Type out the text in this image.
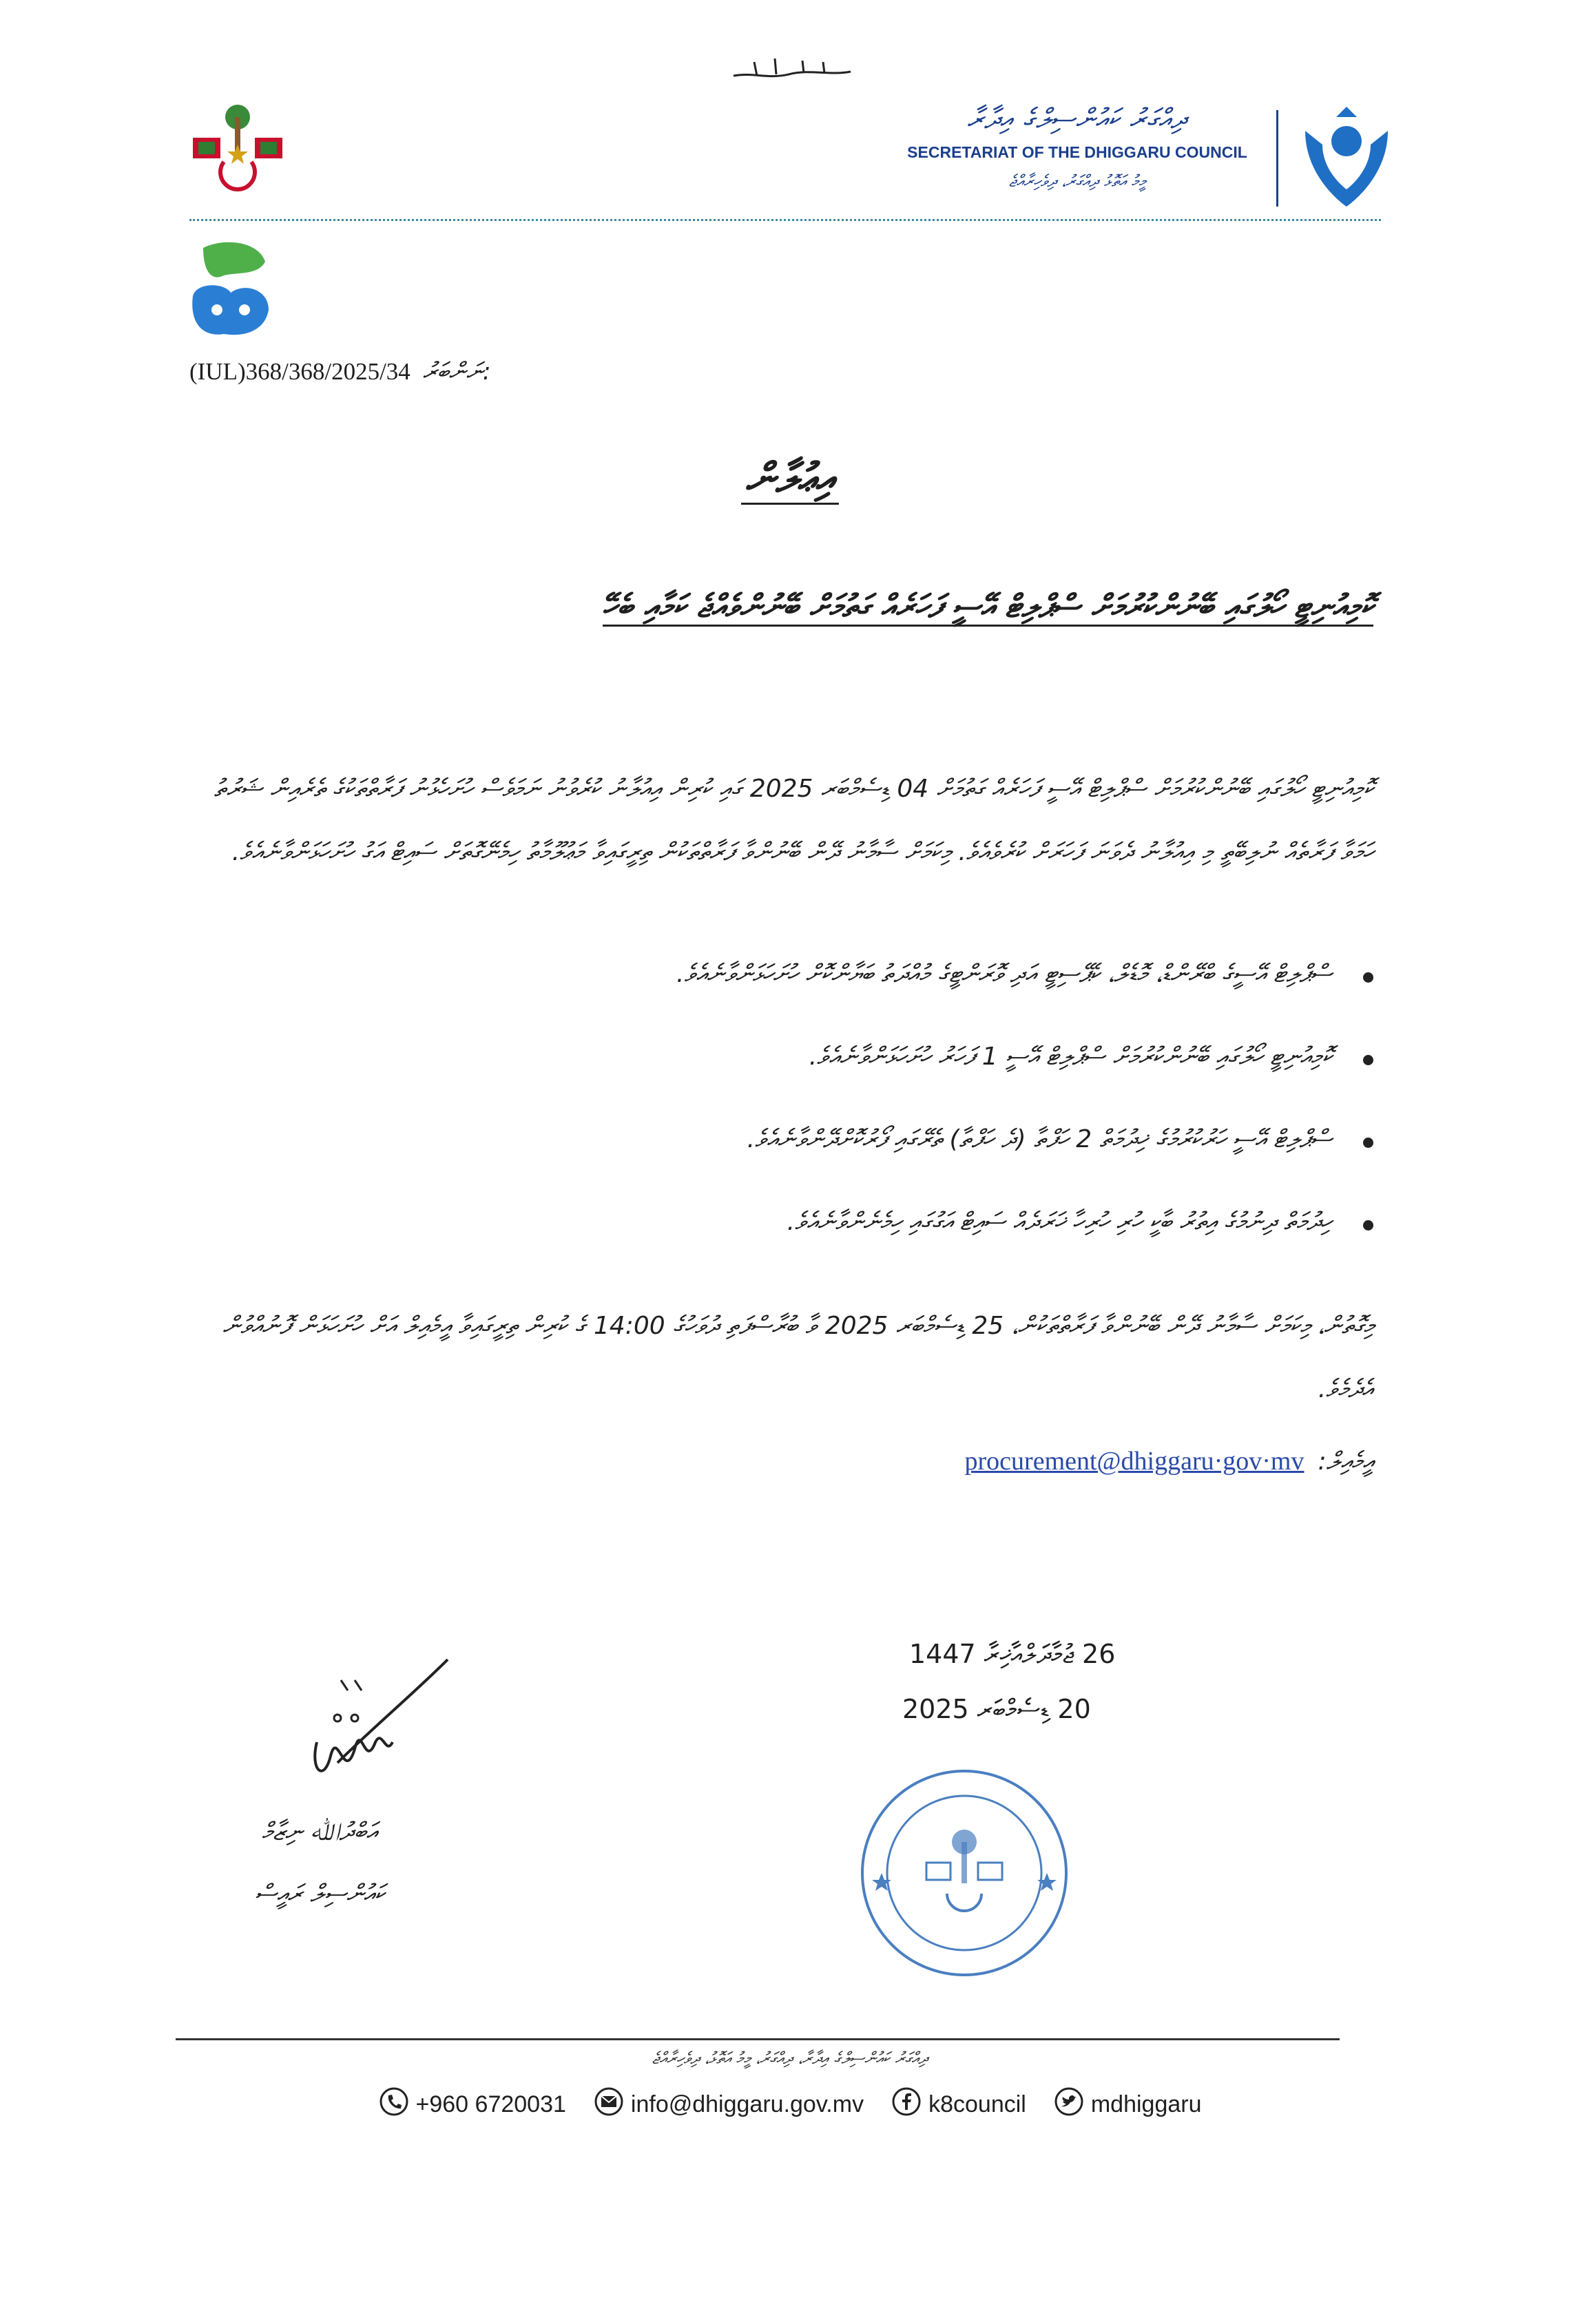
ދިއްގަރު ކައުންސިލްގެ އިދާރާ
SECRETARIAT OF THE DHIGGARU COUNCIL
މީމު އަތޮޅު ދިއްގަރު، ދިވެހިރާއްޖެ
(IUL)368/368/2025/34 ނަންބަރު:
އިޢުލާން
ކޮމިއުނިޓީ ހޯލުގައި ބޭނުންކުރުމަށް ސްޕްލިޓް އޭސީ ފަހަރެއް ގަތުމަށް ބޭނުންވެއްޖެ ކަމާއި ބެހޭ
ކޮމިއުނިޓީ ހޯލުގައި ބޭނުންކުރުމަށް ސްޕްލިޓް އޭސީ ފަހަރެއް ގަތުމަށް 04 ޑިސެމްބަރ 2025 ގައި ކުރިން އިއުލާނު ކުރެވުނު ނަމަވެސް ހުށަހެޅުނު ފަރާތްތަކުގެ ތެރެއިން ޝަރުތު ހަމަވާ ފަރާތެއް ނުލިބޭތީ މި އިއުލާނު ދެވަނަ ފަހަރަށް ކުރެވެއެވެ. މިކަމަށް ސާމާނު ދޭން ބޭނުންވާ ފަރާތްތަކުން ތިރީގައިވާ މަޢުލޫމާތު ހިމެނޭގޮތަށް ސައިޓް އަގު ހުށަހަޅަންވާނެއެވެ.
ސްޕްލިޓް އޭސީގެ ބްރޭންޑް، މޮޑެލް، ކެޕޭސިޓީ އަދި ވޮރަންޓީގެ މުއްދަތު ބަޔާންކޮށް ހުށަހަޅަންވާނެއެވެ.
ކޮމިއުނިޓީ ހޯލުގައި ބޭނުންކުރުމަށް ސްޕްލިޓް އޭސީ 1 ފަހަރު ހުށަހަޅަންވާނެއެވެ.
ސްޕްލިޓް އޭސީ ހަރުކުރުމުގެ ޚިދުމަތް 2 ހަފްތާ (ދެ ހަފްތާ) ތެރޭގައި ފޯރުކޮށްދޭންވާނެއެވެ.
ހިދުމަތް ދިނުމުގެ އިތުރު ބާކީ ހުރި ހުރިހާ ޚަރަދެއް ސައިޓް އަގުގައި ހިމެނެންވާނެއެވެ.
މިގޮތުން، މިކަމަށް ސާމާނު ދޭން ބޭނުންވާ ފަރާތްތަކުން، 25 ޑިސެމްބަރ 2025 ވާ ބުރާސްފަތި ދުވަހުގެ 14:00 ގެ ކުރިން ތިރީގައިވާ އީމެއިލް އަށް ހުށަހަޅަން ފޮނުއްވުން އެދެމެވެ.
އީމެއިލް:procurement@dhiggaru·gov·mv
26 ޖުމާދަލްއާޚިރާ 1447
20 ޑިސެމްބަރ 2025
އަބްދުﷲ ނިޒާމް
ކައުންސިލް ރައީސް
ދިއްގަރު ކައުންސިލްގެ އިދާރާ، ދިއްގަރު، މީމު އަތޮޅު، ދިވެހިރާއްޖެ
+960 6720031	info@dhiggaru.gov.mv	k8council	mdhiggaru
